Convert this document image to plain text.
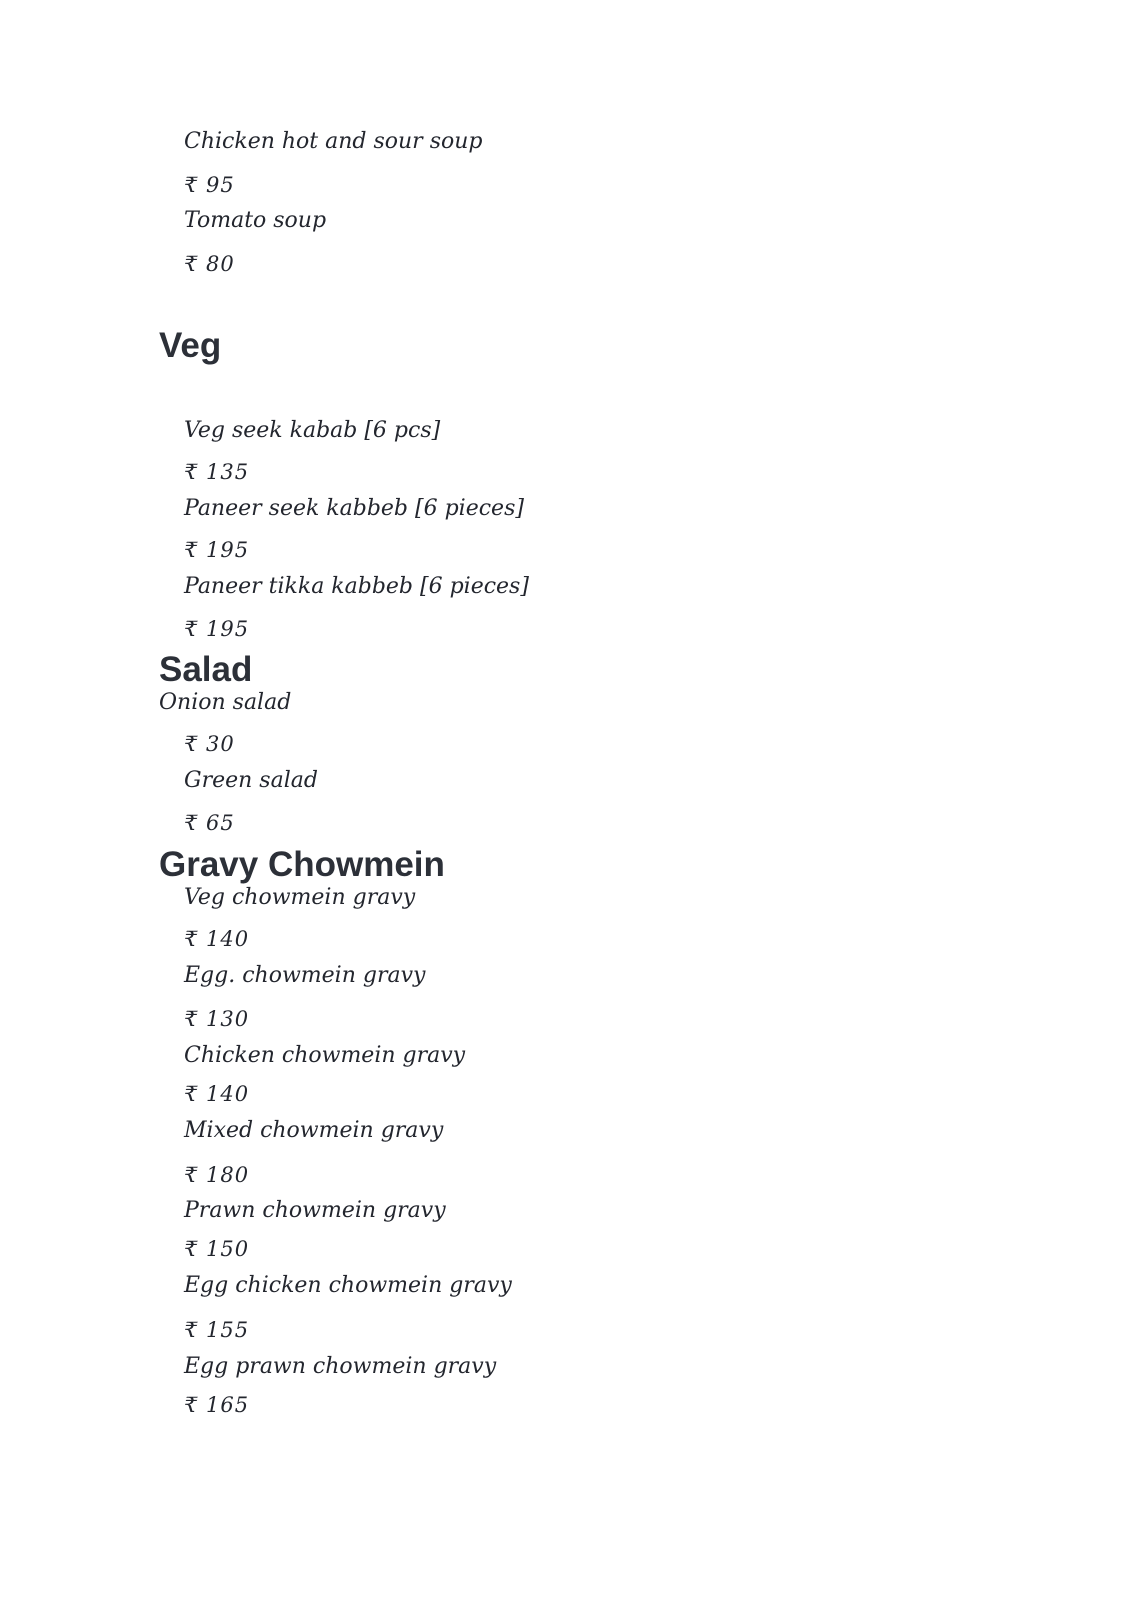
Chicken hot and sour soup

₹ 95

Tomato soup

₹ 80

Veg

Veg seek kabab [6 pcs]

₹ 135

Paneer seek kabbeb [6 pieces]

₹ 195

Paneer tikka kabbeb [6 pieces]

₹ 195

Salad

Onion salad

₹ 30

Green salad

₹ 65

Gravy Chowmein

Veg chowmein gravy

₹ 140

Egg. chowmein gravy

₹ 130

Chicken chowmein gravy

₹ 140

Mixed chowmein gravy

₹ 180

Prawn chowmein gravy

₹ 150

Egg chicken chowmein gravy

₹ 155

Egg prawn chowmein gravy

₹ 165
